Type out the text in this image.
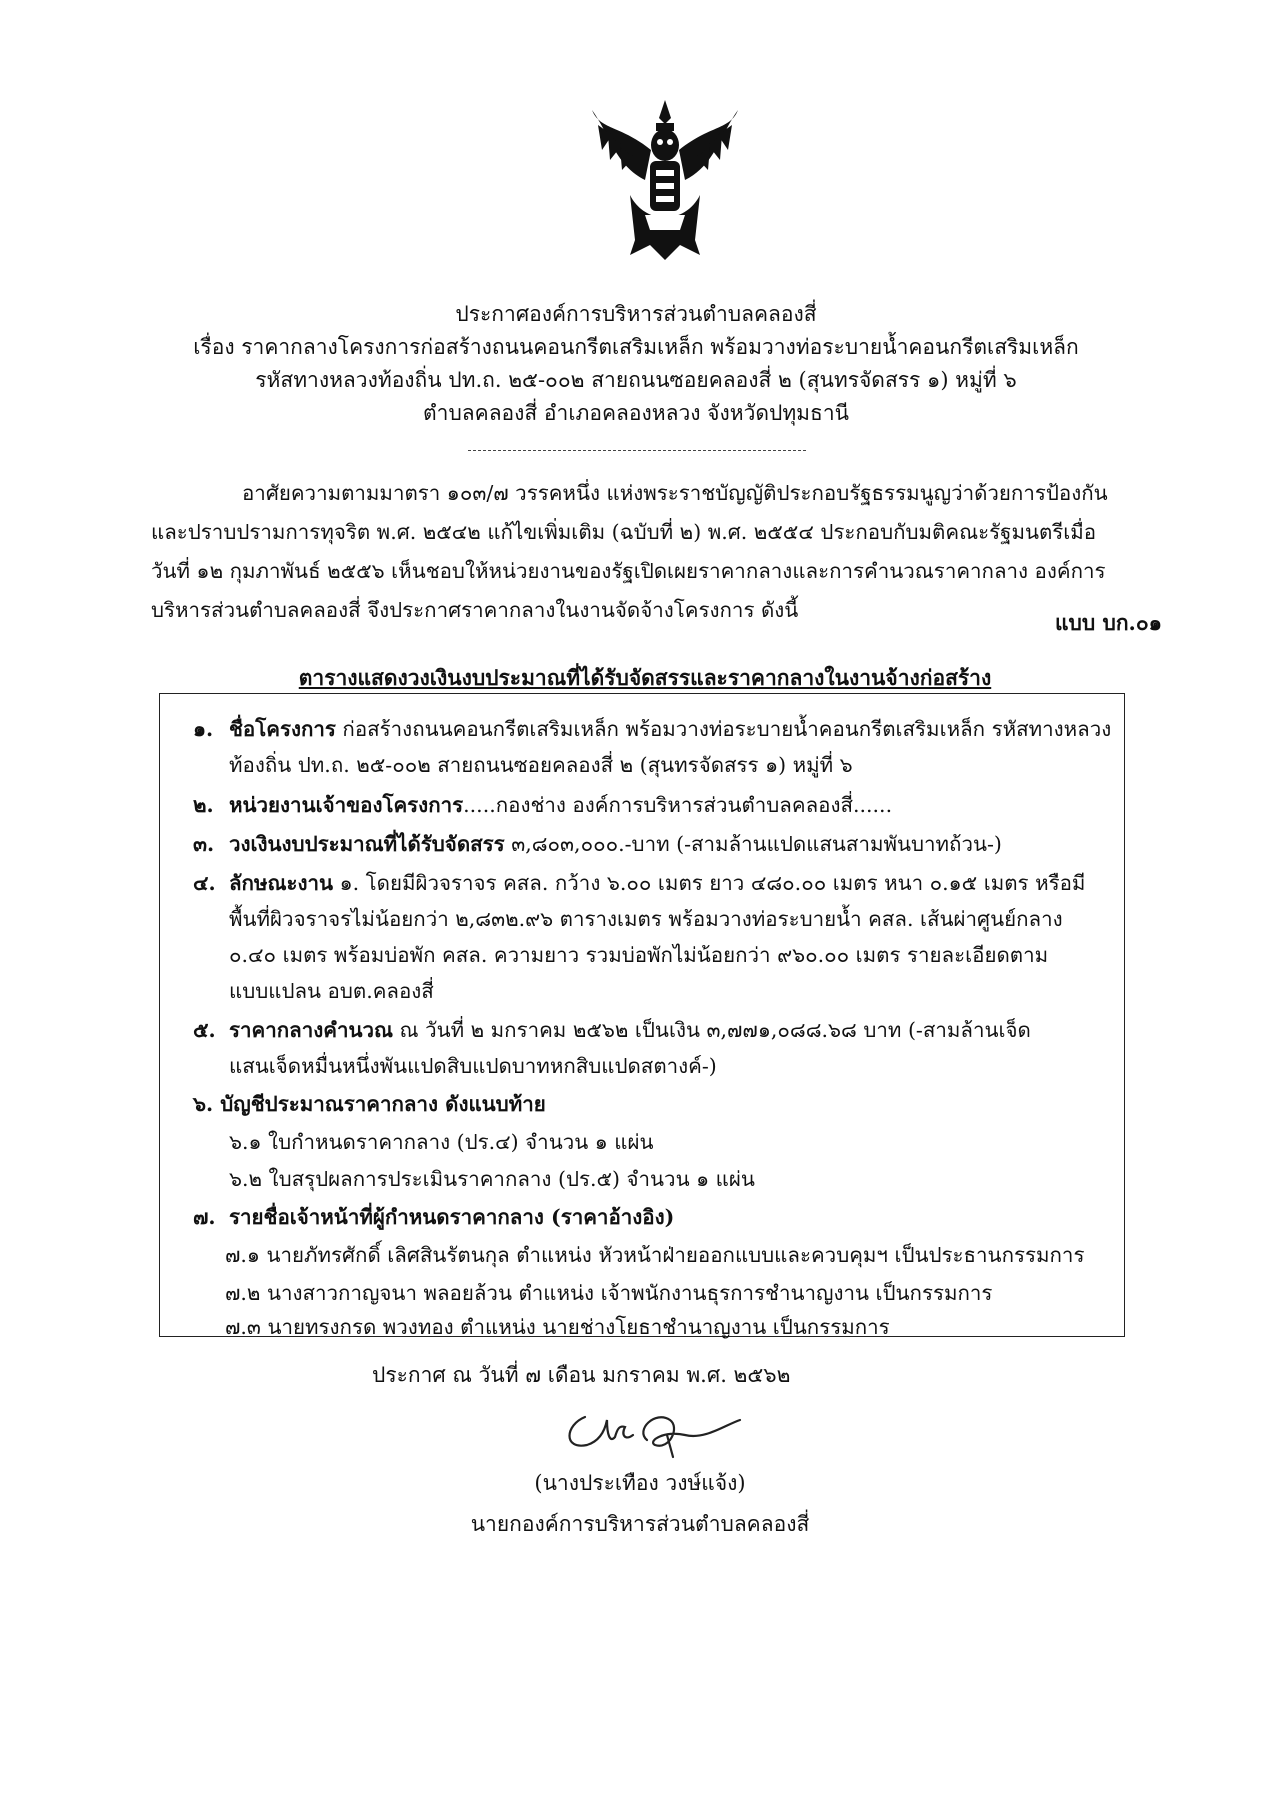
ประกาศองค์การบริหารส่วนตำบลคลองสี่
เรื่อง ราคากลางโครงการก่อสร้างถนนคอนกรีตเสริมเหล็ก พร้อมวางท่อระบายน้ำคอนกรีตเสริมเหล็ก
รหัสทางหลวงท้องถิ่น ปท.ถ. ๒๕-๐๐๒ สายถนนซอยคลองสี่ ๒ (สุนทรจัดสรร ๑) หมู่ที่ ๖
ตำบลคลองสี่ อำเภอคลองหลวง จังหวัดปทุมธานี

อาศัยความตามมาตรา ๑๐๓/๗ วรรคหนึ่ง แห่งพระราชบัญญัติประกอบรัฐธรรมนูญว่าด้วยการป้องกัน

และปราบปรามการทุจริต พ.ศ. ๒๕๔๒ แก้ไขเพิ่มเติม (ฉบับที่ ๒) พ.ศ. ๒๕๕๔ ประกอบกับมติคณะรัฐมนตรีเมื่อ

วันที่ ๑๒ กุมภาพันธ์ ๒๕๕๖ เห็นชอบให้หน่วยงานของรัฐเปิดเผยราคากลางและการคำนวณราคากลาง องค์การ

บริหารส่วนตำบลคลองสี่ จึงประกาศราคากลางในงานจัดจ้างโครงการ ดังนี้	แบบ บก.๐๑
ตารางแสดงวงเงินงบประมาณที่ได้รับจัดสรรและราคากลางในงานจ้างก่อสร้าง
๑. ชื่อโครงการ ก่อสร้างถนนคอนกรีตเสริมเหล็ก พร้อมวางท่อระบายน้ำคอนกรีตเสริมเหล็ก รหัสทางหลวง
ท้องถิ่น ปท.ถ. ๒๕-๐๐๒ สายถนนซอยคลองสี่ ๒ (สุนทรจัดสรร ๑) หมู่ที่ ๖
๒. หน่วยงานเจ้าของโครงการ.....กองช่าง องค์การบริหารส่วนตำบลคลองสี่......
๓. วงเงินงบประมาณที่ได้รับจัดสรร ๓,๘๐๓,๐๐๐.-บาท (-สามล้านแปดแสนสามพันบาทถ้วน-)
๔. ลักษณะงาน ๑. โดยมีผิวจราจร คสล. กว้าง ๖.๐๐ เมตร ยาว ๔๘๐.๐๐ เมตร หนา ๐.๑๕ เมตร หรือมี
พื้นที่ผิวจราจรไม่น้อยกว่า ๒,๘๓๒.๙๖ ตารางเมตร พร้อมวางท่อระบายน้ำ คสล. เส้นผ่าศูนย์กลาง
๐.๔๐ เมตร พร้อมบ่อพัก คสล. ความยาว รวมบ่อพักไม่น้อยกว่า ๙๖๐.๐๐ เมตร รายละเอียดตาม
แบบแปลน อบต.คลองสี่
๕. ราคากลางคำนวณ ณ วันที่ ๒ มกราคม ๒๕๖๒ เป็นเงิน ๓,๗๗๑,๐๘๘.๖๘ บาท (-สามล้านเจ็ด
แสนเจ็ดหมื่นหนึ่งพันแปดสิบแปดบาทหกสิบแปดสตางค์-)
๖. บัญชีประมาณราคากลาง ดังแนบท้าย
๖.๑ ใบกำหนดราคากลาง (ปร.๔) จำนวน ๑ แผ่น
๖.๒ ใบสรุปผลการประเมินราคากลาง (ปร.๕) จำนวน ๑ แผ่น
๗. รายชื่อเจ้าหน้าที่ผู้กำหนดราคากลาง (ราคาอ้างอิง)
๗.๑ นายภัทรศักดิ์ เลิศสินรัตนกุล ตำแหน่ง หัวหน้าฝ่ายออกแบบและควบคุมฯ เป็นประธานกรรมการ
๗.๒ นางสาวกาญจนา พลอยล้วน ตำแหน่ง เจ้าพนักงานธุรการชำนาญงาน เป็นกรรมการ
๗.๓ นายทรงกรด พวงทอง ตำแหน่ง นายช่างโยธาชำนาญงาน เป็นกรรมการ
ประกาศ ณ วันที่ ๗ เดือน มกราคม พ.ศ. ๒๕๖๒
(นางประเทือง วงษ์แจ้ง)
นายกองค์การบริหารส่วนตำบลคลองสี่
